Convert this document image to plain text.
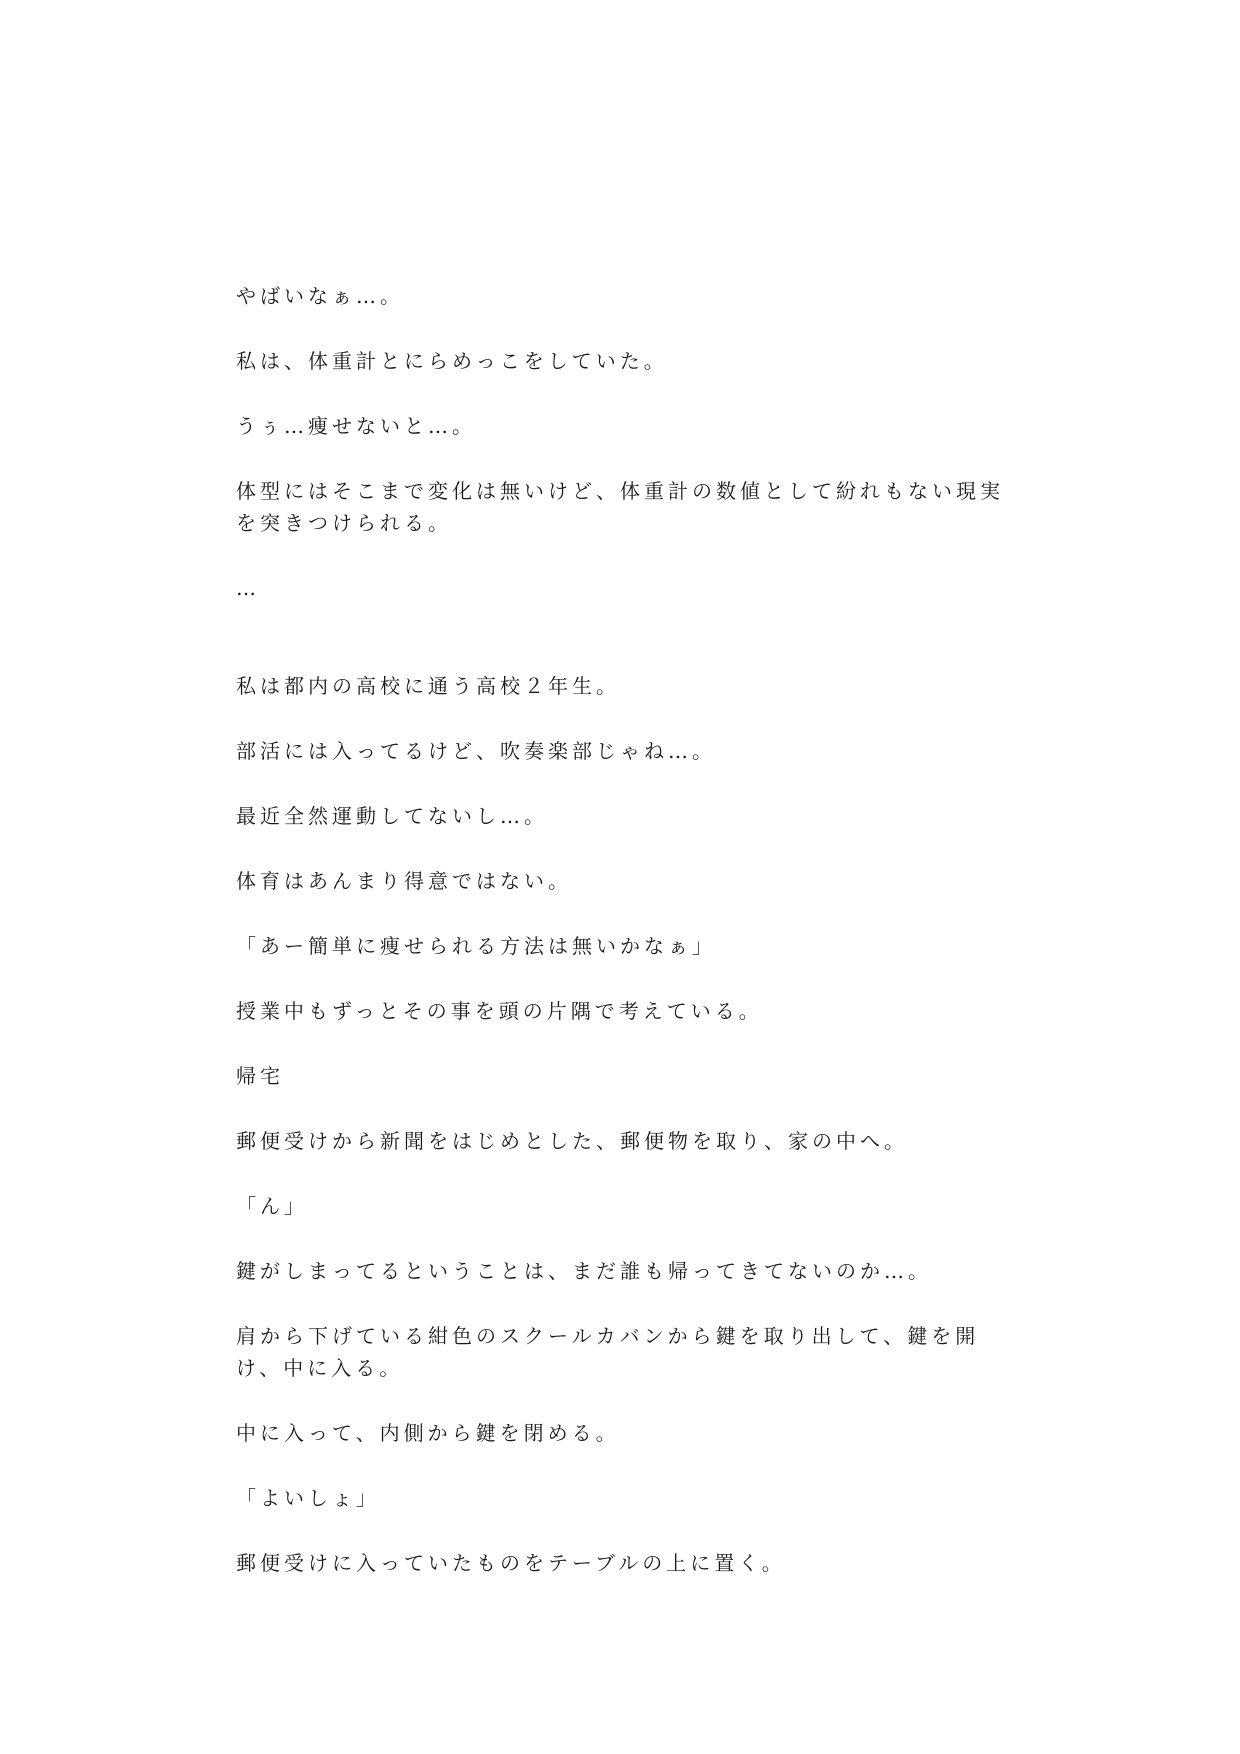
やばいなぁ…。

私は、体重計とにらめっこをしていた。

うぅ…痩せないと…。

体型にはそこまで変化は無いけど、体重計の数値として紛れもない現実を突きつけられる。

…

私は都内の高校に通う高校２年生。

部活には入ってるけど、吹奏楽部じゃね…。

最近全然運動してないし…。

体育はあんまり得意ではない。

「あー簡単に痩せられる方法は無いかなぁ」

授業中もずっとその事を頭の片隅で考えている。

帰宅

郵便受けから新聞をはじめとした、郵便物を取り、家の中へ。

「ん」

鍵がしまってるということは、まだ誰も帰ってきてないのか…。

肩から下げている紺色のスクールカバンから鍵を取り出して、鍵を開け、中に入る。

中に入って、内側から鍵を閉める。

「よいしょ」

郵便受けに入っていたものをテーブルの上に置く。
